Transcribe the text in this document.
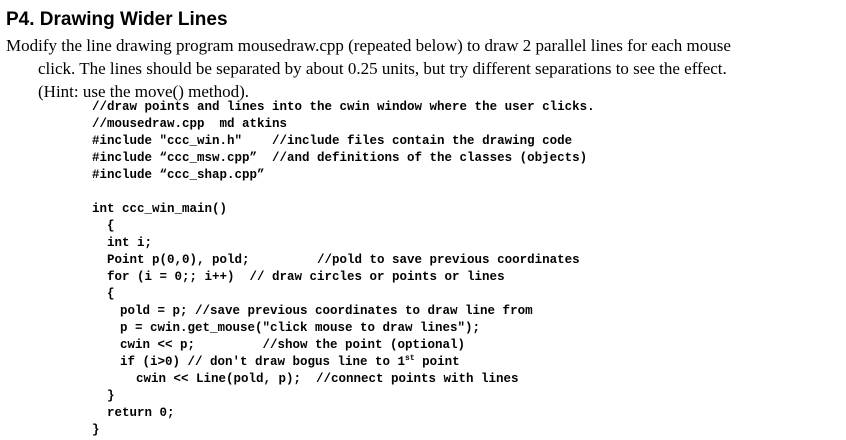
P4. Drawing Wider Lines
Modify the line drawing program mousedraw.cpp (repeated below) to draw 2 parallel lines for each mouse
click. The lines should be separated by about 0.25 units, but try different separations to see the effect.
(Hint: use the move() method).
//draw points and lines into the cwin window where the user clicks.
//mousedraw.cpp  md atkins
#include "ccc_win.h"    //include files contain the drawing code
#include “ccc_msw.cpp”  //and definitions of the classes (objects)
#include “ccc_shap.cpp”
int ccc_win_main()
{
int i;
Point p(0,0), pold;         //pold to save previous coordinates
for (i = 0;; i++)  // draw circles or points or lines
{
pold = p; //save previous coordinates to draw line from
p = cwin.get_mouse("click mouse to draw lines");
cwin << p;         //show the point (optional)
if (i>0) // don't draw bogus line to 1st point
cwin << Line(pold, p);  //connect points with lines
}
return 0;
}
